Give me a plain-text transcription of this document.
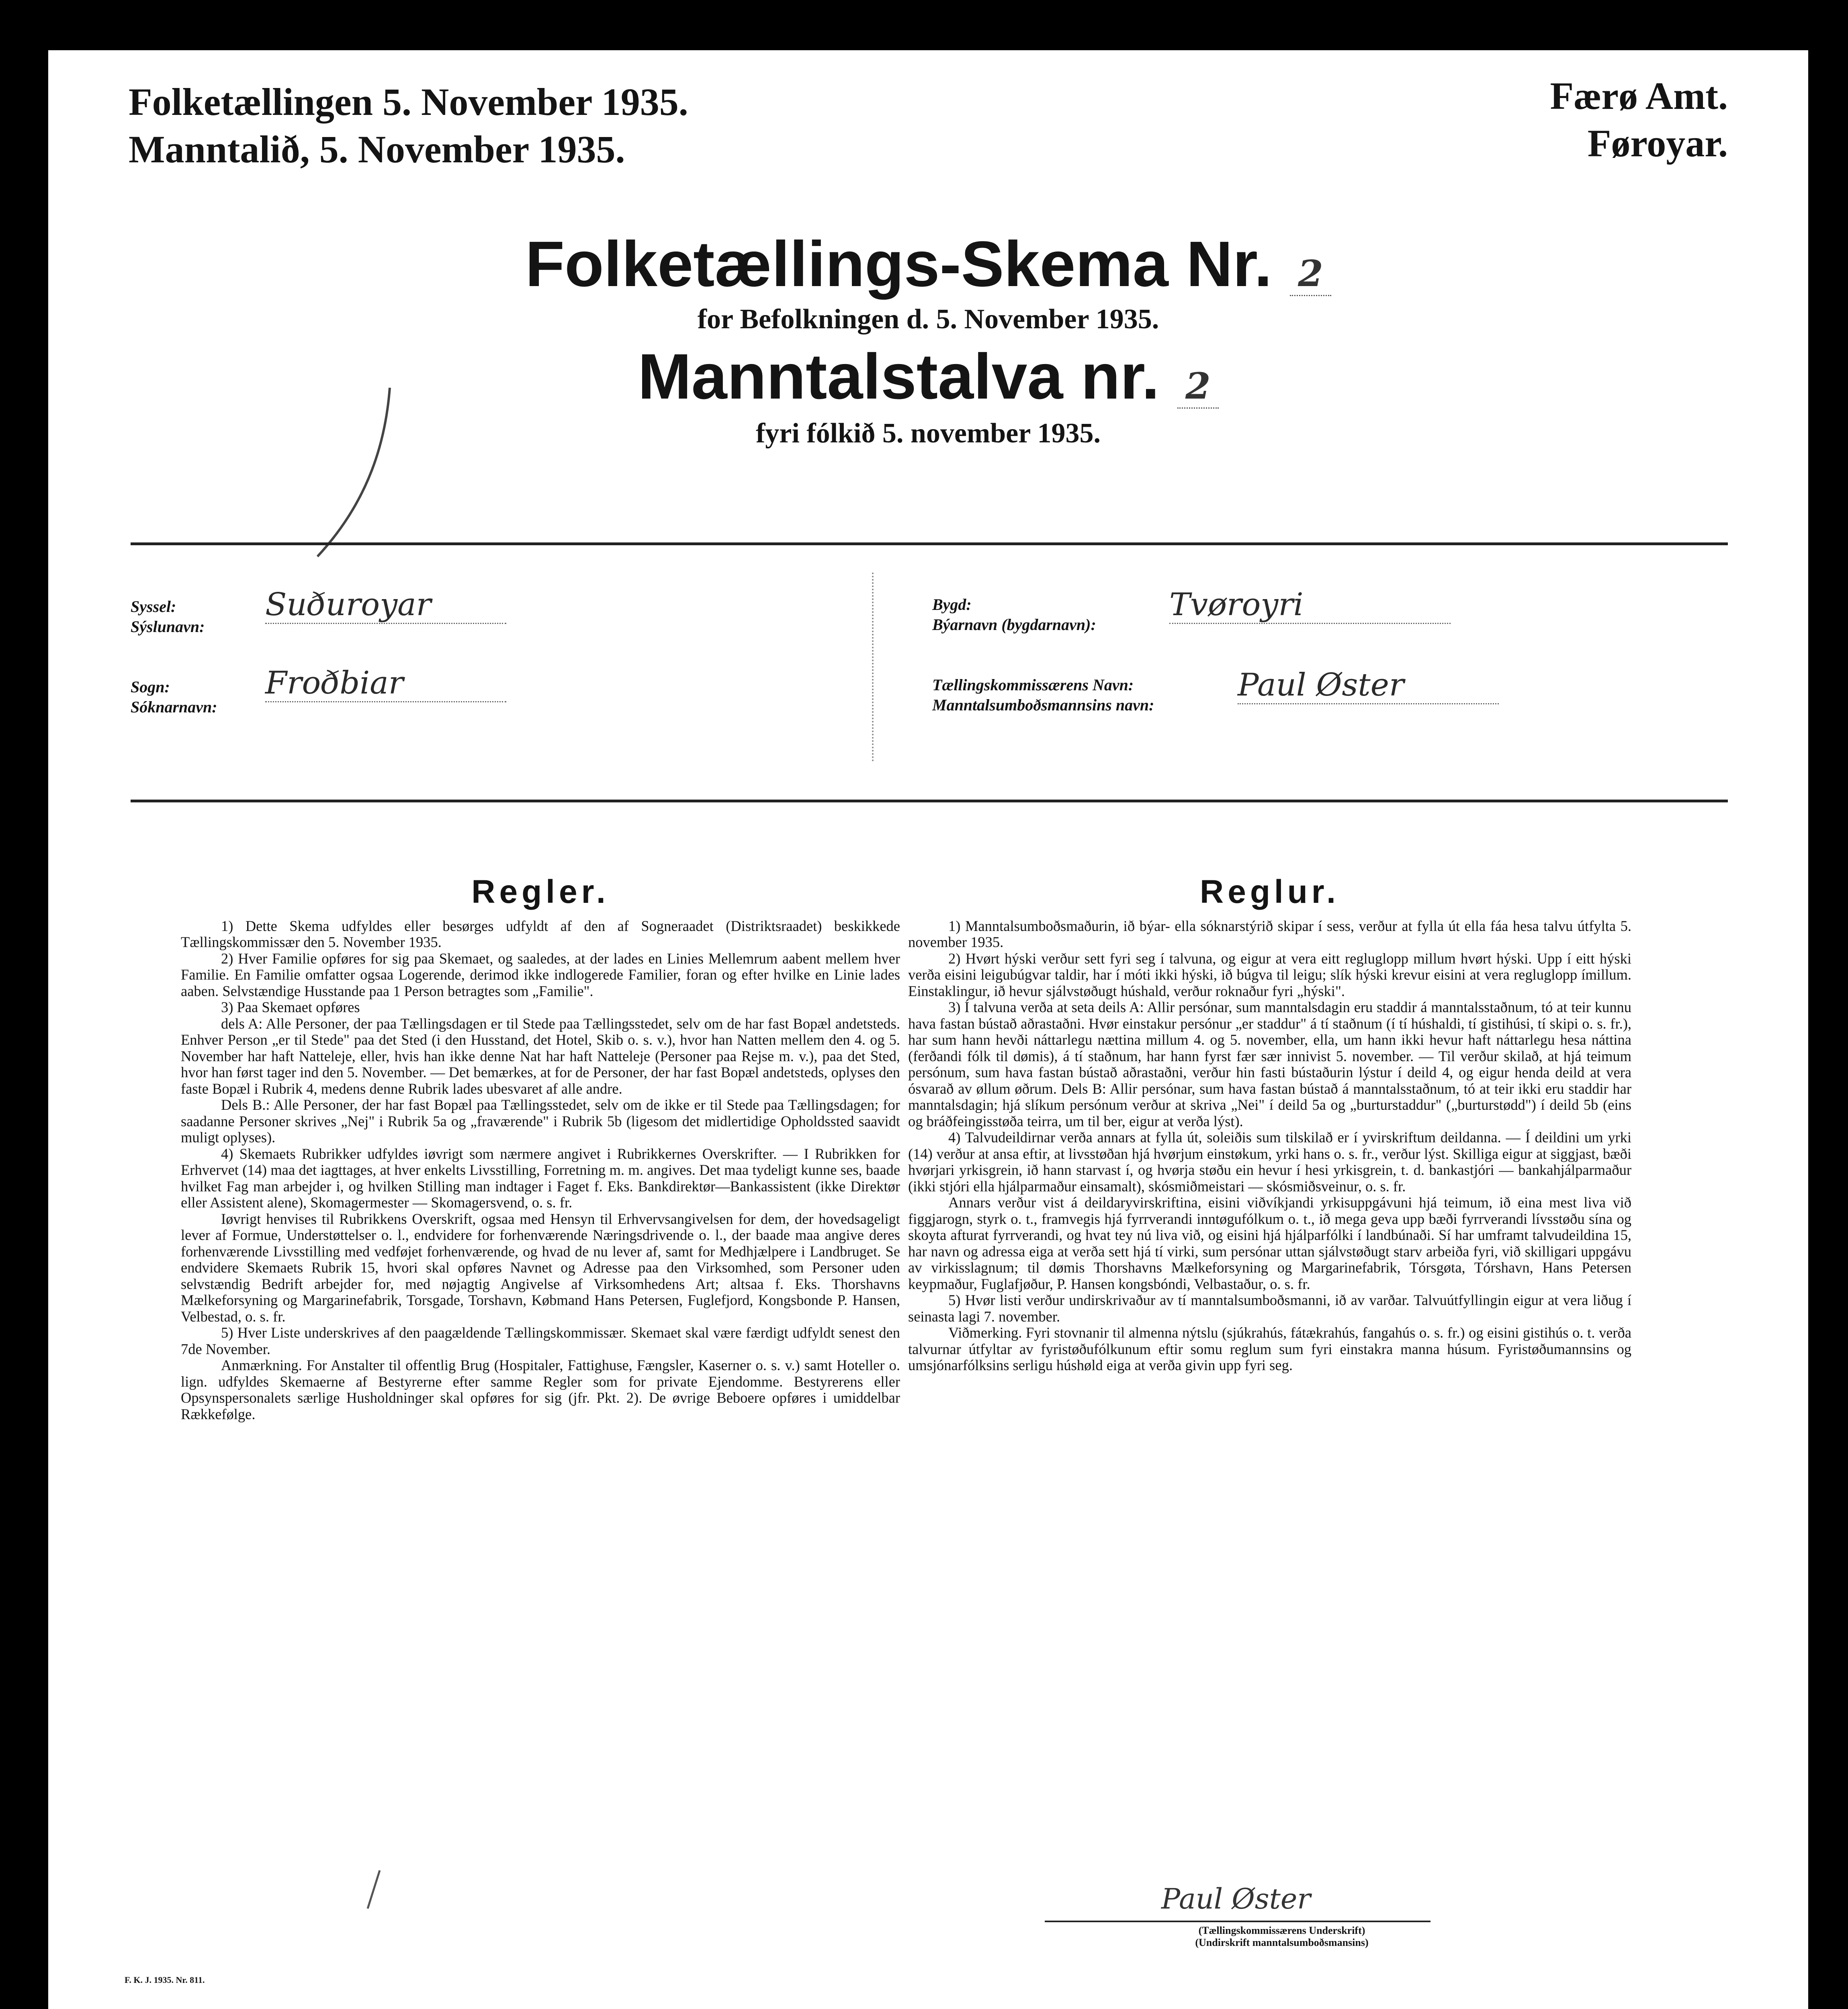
Folketællingen 5. November 1935.
Manntalið, 5. November 1935.
Færø Amt.
Føroyar.
Folketællings-Skema Nr. 2
for Befolkningen d. 5. November 1935.
Manntalstalva nr. 2
fyri fólkið 5. november 1935.
Syssel:
Sýslunavn:
Suðuroyar
Sogn:
Sóknarnavn:
Froðbiar
Bygd:
Býarnavn (bygdarnavn):
Tvøroyri
Tællingskommissærens Navn:
Manntalsumboðsmannsins navn:
Paul Øster
Regler.

1) Dette Skema udfyldes eller besørges udfyldt af den af Sogneraadet (Distriktsraadet) beskikkede Tællingskommissær den 5. November 1935.

2) Hver Familie opføres for sig paa Skemaet, og saaledes, at der lades en Linies Mellemrum aabent mellem hver Familie. En Familie omfatter ogsaa Logerende, derimod ikke indlogerede Familier, foran og efter hvilke en Linie lades aaben. Selvstændige Husstande paa 1 Person betragtes som „Familie".

3) Paa Skemaet opføres

dels A: Alle Personer, der paa Tællingsdagen er til Stede paa Tællingsstedet, selv om de har fast Bopæl andetsteds. Enhver Person „er til Stede" paa det Sted (i den Husstand, det Hotel, Skib o. s. v.), hvor han Natten mellem den 4. og 5. November har haft Natteleje, eller, hvis han ikke denne Nat har haft Natteleje (Personer paa Rejse m. v.), paa det Sted, hvor han først tager ind den 5. November. — Det bemærkes, at for de Personer, der har fast Bopæl andetsteds, oplyses den faste Bopæl i Rubrik 4, medens denne Rubrik lades ubesvaret af alle andre.

Dels B.: Alle Personer, der har fast Bopæl paa Tællingsstedet, selv om de ikke er til Stede paa Tællingsdagen; for saadanne Personer skrives „Nej" i Rubrik 5a og „fraværende" i Rubrik 5b (ligesom det midlertidige Opholdssted saavidt muligt oplyses).

4) Skemaets Rubrikker udfyldes iøvrigt som nærmere angivet i Rubrikkernes Overskrifter. — I Rubrikken for Erhvervet (14) maa det iagttages, at hver enkelts Livsstilling, Forretning m. m. angives. Det maa tydeligt kunne ses, baade hvilket Fag man arbejder i, og hvilken Stilling man indtager i Faget f. Eks. Bankdirektør—Bankassistent (ikke Direktør eller Assistent alene), Skomagermester — Skomagersvend, o. s. fr.

Iøvrigt henvises til Rubrikkens Overskrift, ogsaa med Hensyn til Erhvervsangivelsen for dem, der hovedsageligt lever af Formue, Understøttelser o. l., endvidere for forhenværende Næringsdrivende o. l., der baade maa angive deres forhenværende Livsstilling med vedføjet forhenværende, og hvad de nu lever af, samt for Medhjælpere i Landbruget. Se endvidere Skemaets Rubrik 15, hvori skal opføres Navnet og Adresse paa den Virksomhed, som Personer uden selvstændig Bedrift arbejder for, med nøjagtig Angivelse af Virksomhedens Art; altsaa f. Eks. Thorshavns Mælkeforsyning og Margarinefabrik, Torsgade, Torshavn, Købmand Hans Petersen, Fuglefjord, Kongsbonde P. Hansen, Velbestad, o. s. fr.

5) Hver Liste underskrives af den paagældende Tællingskommissær. Skemaet skal være færdigt udfyldt senest den 7de November.

Anmærkning. For Anstalter til offentlig Brug (Hospitaler, Fattighuse, Fængsler, Kaserner o. s. v.) samt Hoteller o. lign. udfyldes Skemaerne af Bestyrerne efter samme Regler som for private Ejendomme. Bestyrerens eller Opsynspersonalets særlige Husholdninger skal opføres for sig (jfr. Pkt. 2). De øvrige Beboere opføres i umiddelbar Rækkefølge.

Reglur.

1) Manntalsumboðsmaðurin, ið býar- ella sóknarstýrið skipar í sess, verður at fylla út ella fáa hesa talvu útfylta 5. november 1935.

2) Hvørt hýski verður sett fyri seg í talvuna, og eigur at vera eitt regluglopp millum hvørt hýski. Upp í eitt hýski verða eisini leigubúgvar taldir, har í móti ikki hýski, ið búgva til leigu; slík hýski krevur eisini at vera regluglopp ímillum. Einstaklingur, ið hevur sjálvstøðugt húshald, verður roknaður fyri „hýski".

3) Í talvuna verða at seta deils A: Allir persónar, sum manntalsdagin eru staddir á manntalsstaðnum, tó at teir kunnu hava fastan bústað aðrastaðni. Hvør einstakur persónur „er staddur" á tí staðnum (í tí húshaldi, tí gistihúsi, tí skipi o. s. fr.), har sum hann hevði náttarlegu nættina millum 4. og 5. november, ella, um hann ikki hevur haft náttarlegu hesa náttina (ferðandi fólk til dømis), á tí staðnum, har hann fyrst fær sær innivist 5. november. — Til verður skilað, at hjá teimum persónum, sum hava fastan bústað aðrastaðni, verður hin fasti bústaðurin lýstur í deild 4, og eigur henda deild at vera ósvarað av øllum øðrum. Dels B: Allir persónar, sum hava fastan bústað á manntalsstaðnum, tó at teir ikki eru staddir har manntalsdagin; hjá slíkum persónum verður at skriva „Nei" í deild 5a og „burturstaddur" („burturstødd") í deild 5b (eins og bráðfeingisstøða teirra, um til ber, eigur at verða lýst).

4) Talvudeildirnar verða annars at fylla út, soleiðis sum tilskilað er í yvirskriftum deildanna. — Í deildini um yrki (14) verður at ansa eftir, at livsstøðan hjá hvørjum einstøkum, yrki hans o. s. fr., verður lýst. Skilliga eigur at siggjast, bæði hvørjari yrkisgrein, ið hann starvast í, og hvørja støðu ein hevur í hesi yrkisgrein, t. d. bankastjóri — bankahjálparmaður (ikki stjóri ella hjálparmaður einsamalt), skósmiðmeistari — skósmiðsveinur, o. s. fr.

Annars verður vist á deildaryvirskriftina, eisini viðvíkjandi yrkisuppgávuni hjá teimum, ið eina mest liva við figgjarogn, styrk o. t., framvegis hjá fyrrverandi inntøgufólkum o. t., ið mega geva upp bæði fyrrverandi lívsstøðu sína og skoyta afturat fyrrverandi, og hvat tey nú liva við, og eisini hjá hjálparfólki í landbúnaði. Sí har umframt talvudeildina 15, har navn og adressa eiga at verða sett hjá tí virki, sum persónar uttan sjálvstøðugt starv arbeiða fyri, við skilligari uppgávu av virkisslagnum; til dømis Thorshavns Mælkeforsyning og Margarinefabrik, Tórsgøta, Tórshavn, Hans Petersen keypmaður, Fuglafjøður, P. Hansen kongsbóndi, Velbastaður, o. s. fr.

5) Hvør listi verður undirskrivaður av tí manntalsumboðsmanni, ið av varðar. Talvuútfyllingin eigur at vera liðug í seinasta lagi 7. november.

Viðmerking. Fyri stovnanir til almenna nýtslu (sjúkrahús, fátækrahús, fangahús o. s. fr.) og eisini gistihús o. t. verða talvurnar útfyltar av fyristøðufólkunum eftir somu reglum sum fyri einstakra manna húsum. Fyristøðumannsins og umsjónarfólksins serligu húshøld eiga at verða givin upp fyri seg.

Paul Øster
(Tællingskommissærens Underskrift)
(Undirskrift manntalsumboðsmansins)
F. K. J. 1935. Nr. 811.
